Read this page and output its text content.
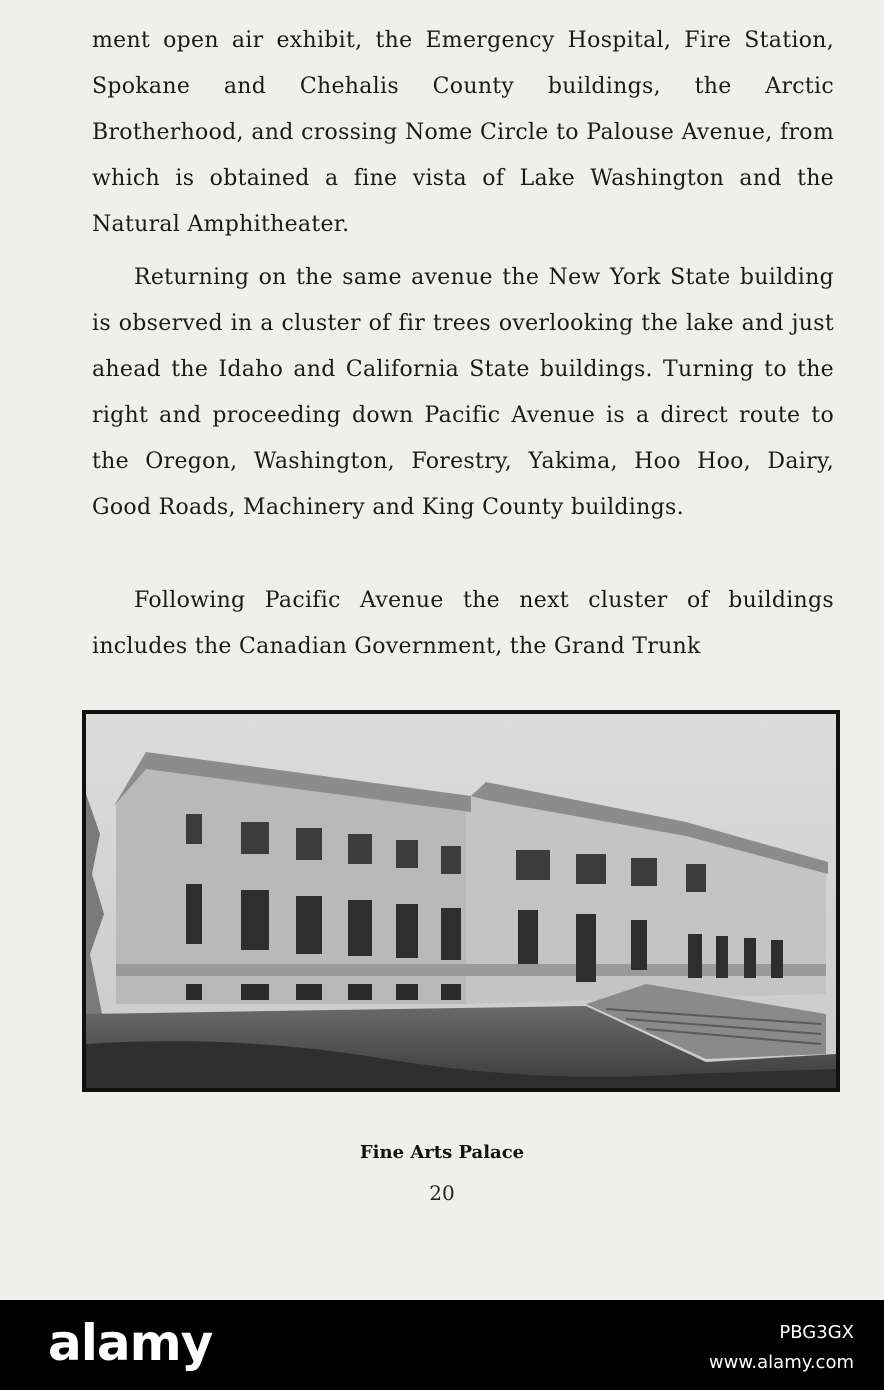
ment open air exhibit, the Emergency Hospital, Fire Station, Spokane and Chehalis County buildings, the Arctic Brotherhood, and crossing Nome Circle to Palouse Avenue, from which is obtained a fine vista of Lake Washington and the Natural Amphitheater.

Returning on the same avenue the New York State building is observed in a cluster of fir trees overlooking the lake and just ahead the Idaho and California State buildings. Turning to the right and proceeding down Pacific Avenue is a direct route to the Oregon, Washington, Forestry, Yakima, Hoo Hoo, Dairy, Good Roads, Machinery and King County buildings.

Following Pacific Avenue the next cluster of buildings includes the Canadian Government, the Grand Trunk

Fine Arts Palace
20
alamy	PBG3GX
www.alamy.com
